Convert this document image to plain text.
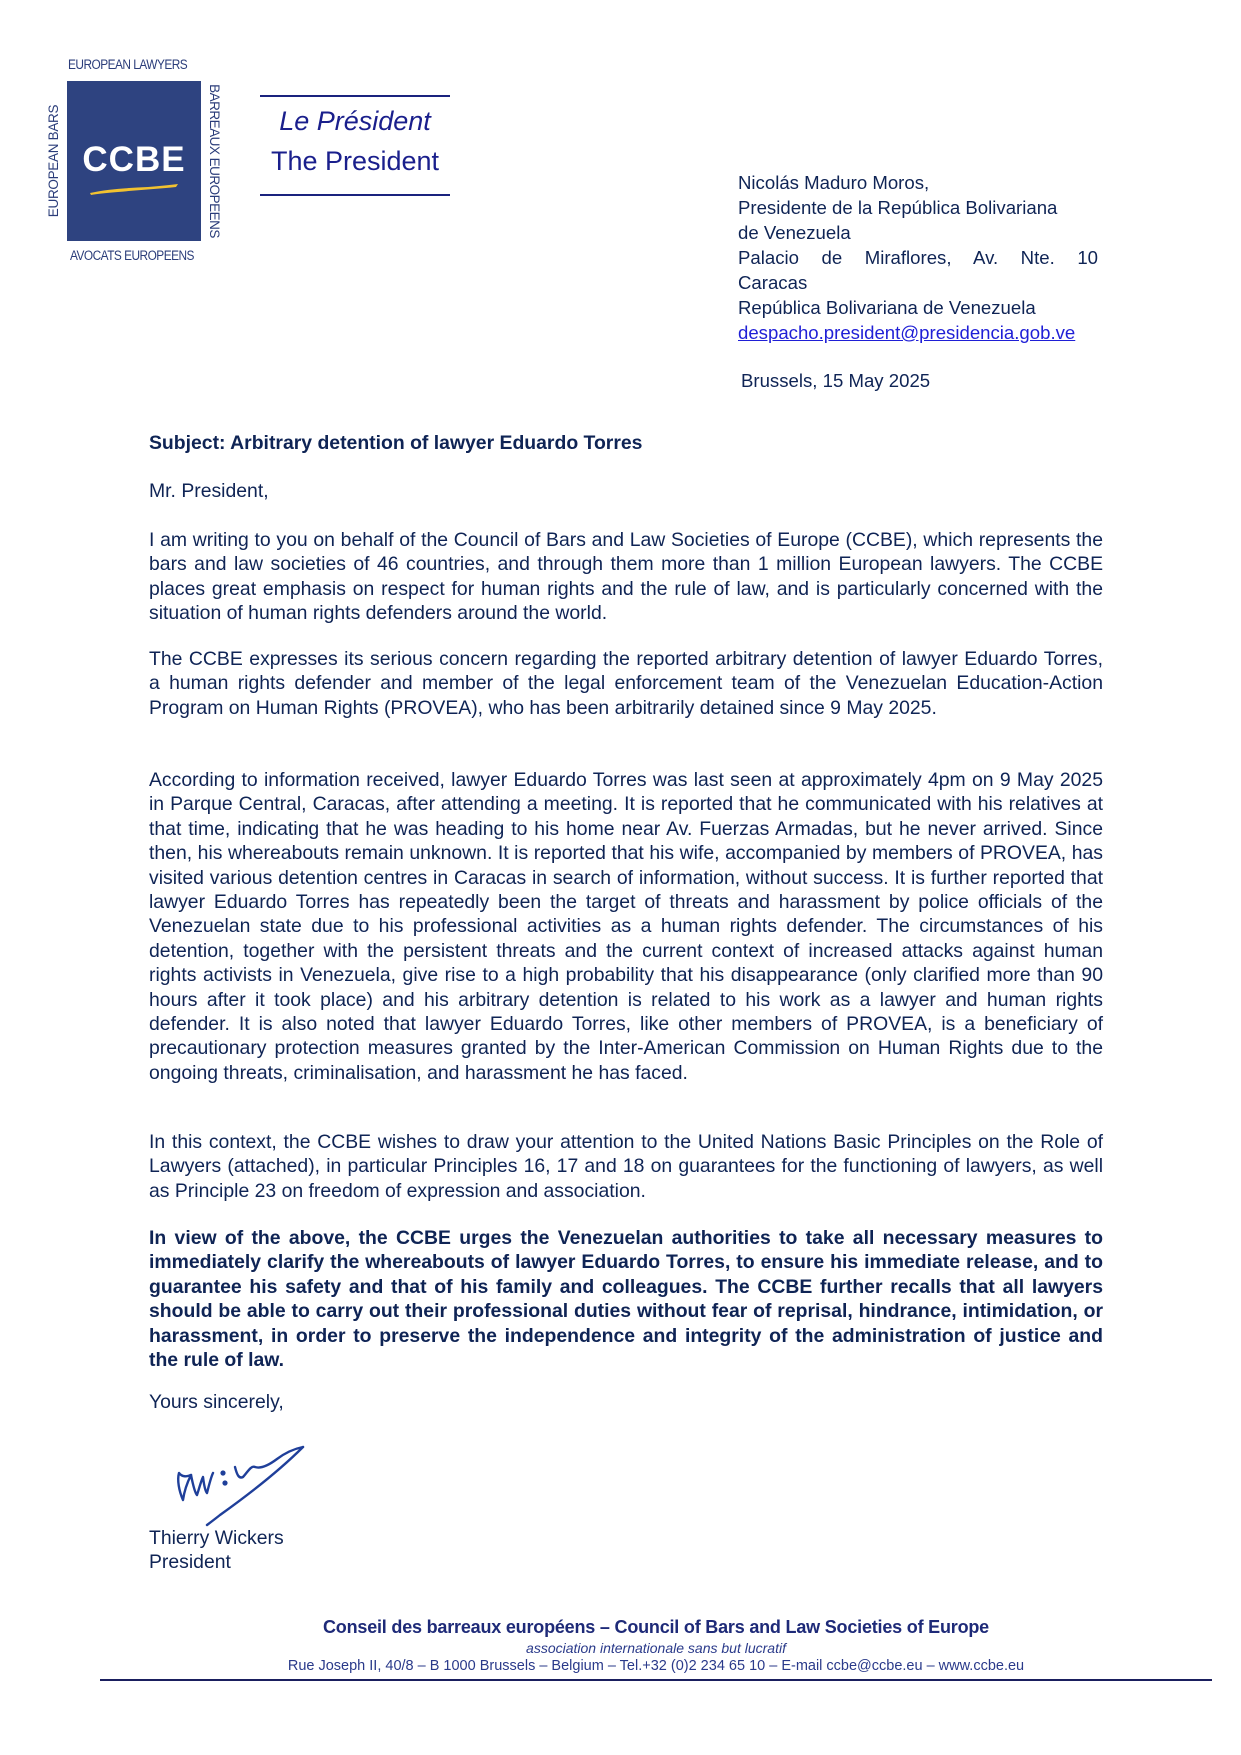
EUROPEAN LAWYERS
EUROPEAN BARS CCBE	BARREAUX EUROPEENS
AVOCATS EUROPEENS
Le Président
The President
Nicolás Maduro Moros,
Presidente de la República Bolivariana
de Venezuela
Palacio de Miraflores, Av. Nte. 10
Caracas
República Bolivariana de Venezuela
despacho.president@presidencia.gob.ve
Brussels, 15 May 2025
Subject: Arbitrary detention of lawyer Eduardo Torres
Mr. President,
I am writing to you on behalf of the Council of Bars and Law Societies of Europe (CCBE), which represents the bars and law societies of 46 countries, and through them more than 1 million European lawyers. The CCBE places great emphasis on respect for human rights and the rule of law, and is particularly concerned with the situation of human rights defenders around the world.
The CCBE expresses its serious concern regarding the reported arbitrary detention of lawyer Eduardo Torres, a human rights defender and member of the legal enforcement team of the Venezuelan Education-Action Program on Human Rights (PROVEA), who has been arbitrarily detained since 9 May 2025.
According to information received, lawyer Eduardo Torres was last seen at approximately 4pm on 9 May 2025 in Parque Central, Caracas, after attending a meeting. It is reported that he communicated with his relatives at that time, indicating that he was heading to his home near Av. Fuerzas Armadas, but he never arrived. Since then, his whereabouts remain unknown. It is reported that his wife, accompanied by members of PROVEA, has visited various detention centres in Caracas in search of information, without success. It is further reported that lawyer Eduardo Torres has repeatedly been the target of threats and harassment by police officials of the Venezuelan state due to his professional activities as a human rights defender. The circumstances of his detention, together with the persistent threats and the current context of increased attacks against human rights activists in Venezuela, give rise to a high probability that his disappearance (only clarified more than 90 hours after it took place) and his arbitrary detention is related to his work as a lawyer and human rights defender. It is also noted that lawyer Eduardo Torres, like other members of PROVEA, is a beneficiary of precautionary protection measures granted by the Inter-American Commission on Human Rights due to the ongoing threats, criminalisation, and harassment he has faced.
In this context, the CCBE wishes to draw your attention to the United Nations Basic Principles on the Role of Lawyers (attached), in particular Principles 16, 17 and 18 on guarantees for the functioning of lawyers, as well as Principle 23 on freedom of expression and association.
In view of the above, the CCBE urges the Venezuelan authorities to take all necessary measures to immediately clarify the whereabouts of lawyer Eduardo Torres, to ensure his immediate release, and to guarantee his safety and that of his family and colleagues. The CCBE further recalls that all lawyers should be able to carry out their professional duties without fear of reprisal, hindrance, intimidation, or harassment, in order to preserve the independence and integrity of the administration of justice and the rule of law.
Yours sincerely,
Thierry Wickers
President
Conseil des barreaux européens – Council of Bars and Law Societies of Europe
association internationale sans but lucratif
Rue Joseph II, 40/8 – B 1000 Brussels – Belgium – Tel.+32 (0)2 234 65 10 – E-mail ccbe@ccbe.eu – www.ccbe.eu
